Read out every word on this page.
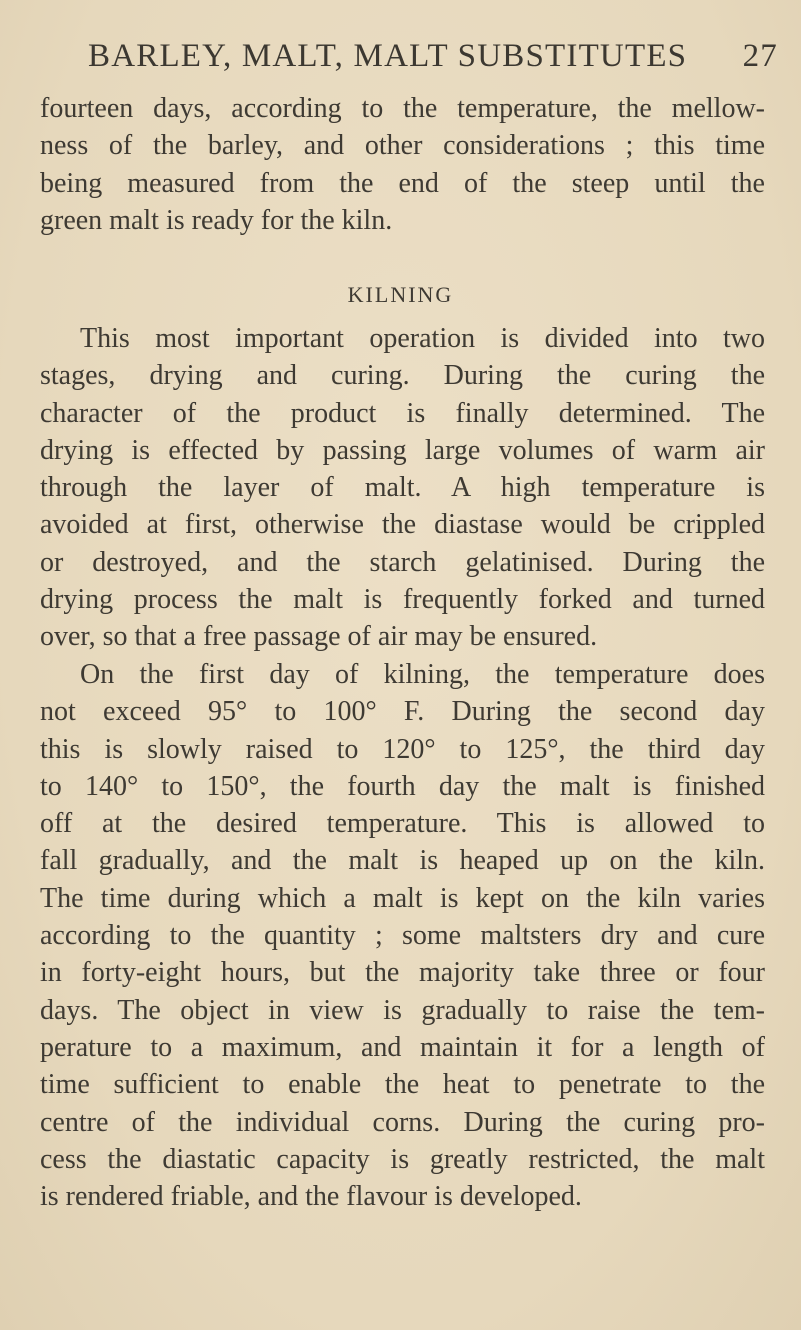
BARLEY, MALT, MALT SUBSTITUTES 27
fourteen days, according to the temperature, the mellow-
ness of the barley, and other considerations ; this time
being measured from the end of the steep until the
green malt is ready for the kiln.
KILNING
This most important operation is divided into two
stages, drying and curing. During the curing the
character of the product is finally determined. The
drying is effected by passing large volumes of warm air
through the layer of malt. A high temperature is
avoided at first, otherwise the diastase would be crippled
or destroyed, and the starch gelatinised. During the
drying process the malt is frequently forked and turned
over, so that a free passage of air may be ensured.
On the first day of kilning, the temperature does
not exceed 95° to 100° F. During the second day
this is slowly raised to 120° to 125°, the third day
to 140° to 150°, the fourth day the malt is finished
off at the desired temperature. This is allowed to
fall gradually, and the malt is heaped up on the kiln.
The time during which a malt is kept on the kiln varies
according to the quantity ; some maltsters dry and cure
in forty-eight hours, but the majority take three or four
days. The object in view is gradually to raise the tem-
perature to a maximum, and maintain it for a length of
time sufficient to enable the heat to penetrate to the
centre of the individual corns. During the curing pro-
cess the diastatic capacity is greatly restricted, the malt
is rendered friable, and the flavour is developed.
